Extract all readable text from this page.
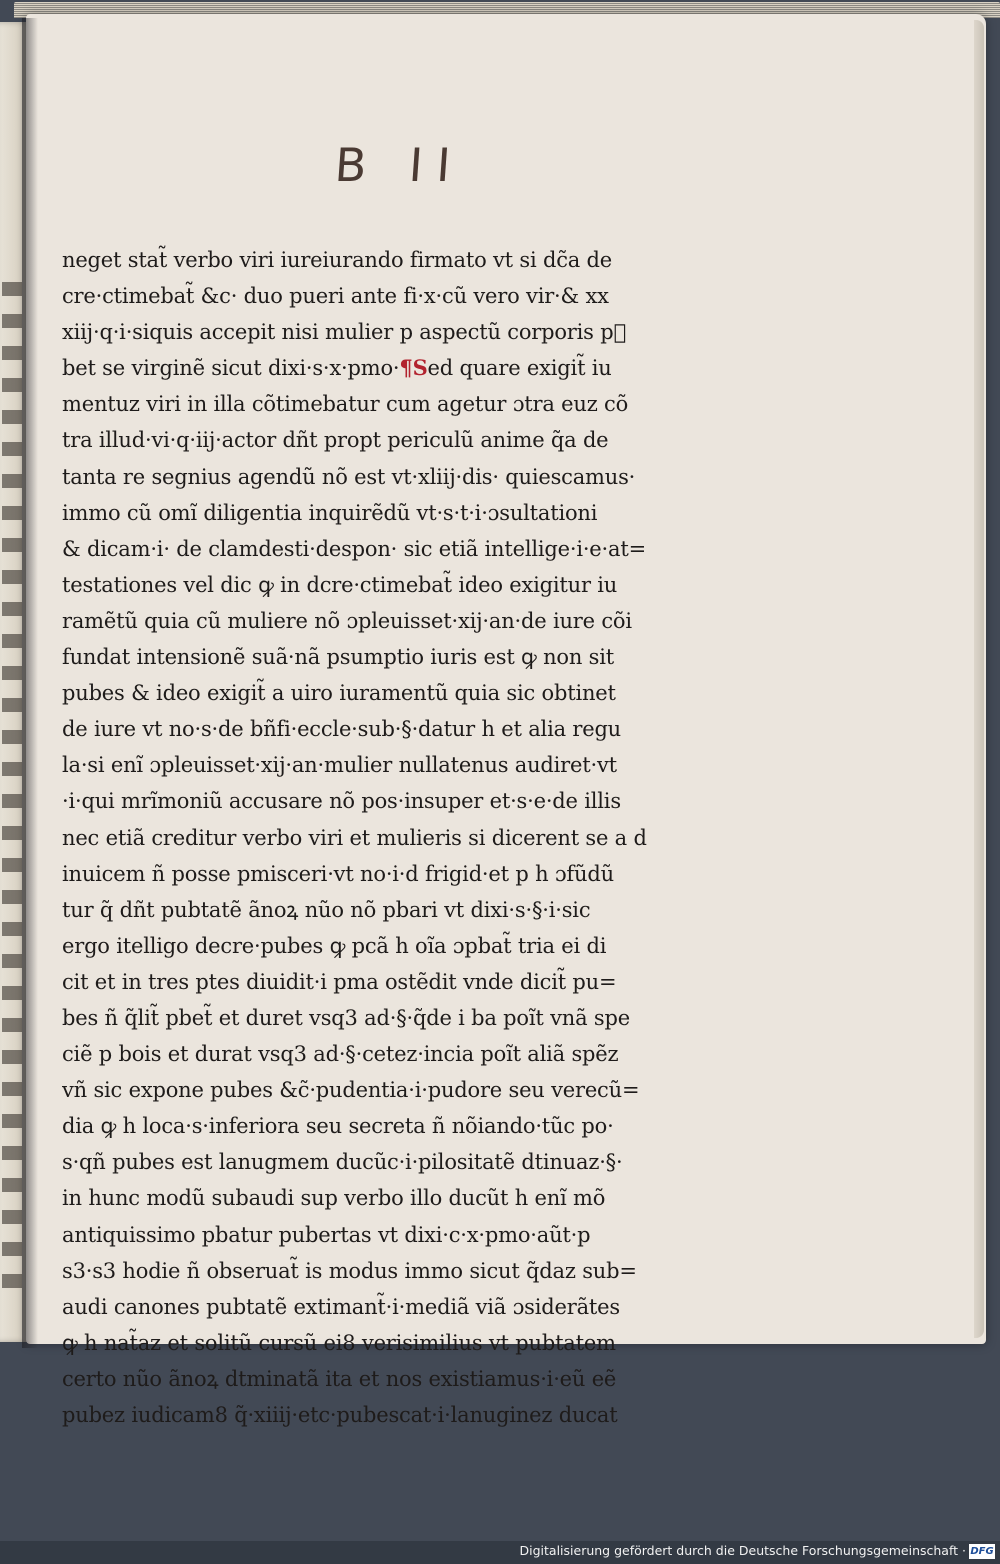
B II
neget stat̃ verbo viri iureiurando firmato vt si dc̃a de
cre·ctimebat̃ &c· duo pueri ante fi·x·cũ vero vir·& xx
xiij·q·i·siquis accepit nisi mulier p aspectũ corporis pᷣ
bet se virginẽ sicut dixi·s·x·pmo·¶Sed quare exigit̃ iu
mentuz viri in illa cõtimebatur cum agetur ɔtra euz cõ
tra illud·vi·q·iij·actor dñt propt periculũ anime q̃a de
tanta re segnius agendũ nõ est vt·xliij·dis· quiescamus·
immo cũ omĩ diligentia inquirẽdũ vt·s·t·i·ɔsultationi
& dicam·i· de clamdesti·despon· sic etiã intellige·i·e·at=
testationes vel dic ꝙ in dcre·ctimebat̃ ideo exigitur iu
ramẽtũ quia cũ muliere nõ ɔpleuisset·xij·an·de iure cõi
fundat intensionẽ suã·nã psumptio iuris est ꝙ non sit
pubes & ideo exigit̃ a uiro iuramentũ quia sic obtinet
de iure vt no·s·de bñfi·eccle·sub·§·datur h et alia regu
la·si enĩ ɔpleuisset·xij·an·mulier nullatenus audiret·vt
·i·qui mrĩmoniũ accusare nõ pos·insuper et·s·e·de illis
nec etiã creditur verbo viri et mulieris si dicerent se a d
inuicem ñ posse pmisceri·vt no·i·d frigid·et p h ɔfũdũ
tur q̃ dñt pubtatẽ ãnoꝝ nũo nõ pbari vt dixi·s·§·i·sic
ergo itelligo decre·pubes ꝙ pcã h oĩa ɔpbat̃ tria ei di
cit et in tres ptes diuidit·i pma ostẽdit vnde dicit̃ pu=
bes ñ q̃lit̃ pbet̃ et duret vsq3 ad·§·q̃de i ba poĩt vnã spe
ciẽ p bois et durat vsq3 ad·§·cetez·incia poĩt aliã spẽz
vñ sic expone pubes &c̃·pudentia·i·pudore seu verecũ=
dia ꝙ h loca·s·inferiora seu secreta ñ nõiando·tũc po·
s·qñ pubes est lanugmem ducũc·i·pilositatẽ dtinuaz·§·
in hunc modũ subaudi sup verbo illo ducũt h enĩ mõ
antiquissimo pbatur pubertas vt dixi·c·x·pmo·aũt·p
s3·s3 hodie ñ obseruat̃ is modus immo sicut q̃daz sub=
audi canones pubtatẽ extimant̃·i·mediã viã ɔsiderãtes
ꝙ h nat̃az et solitũ cursũ ei8 verisimilius vt pubtatem
certo nũo ãnoꝝ dtminatã ita et nos existiamus·i·eũ eẽ
pubez iudicam8 q̃·xiiij·etc·pubescat·i·lanuginez ducat
Digitalisierung gefördert durch die Deutsche Forschungsgemeinschaft · DFG
